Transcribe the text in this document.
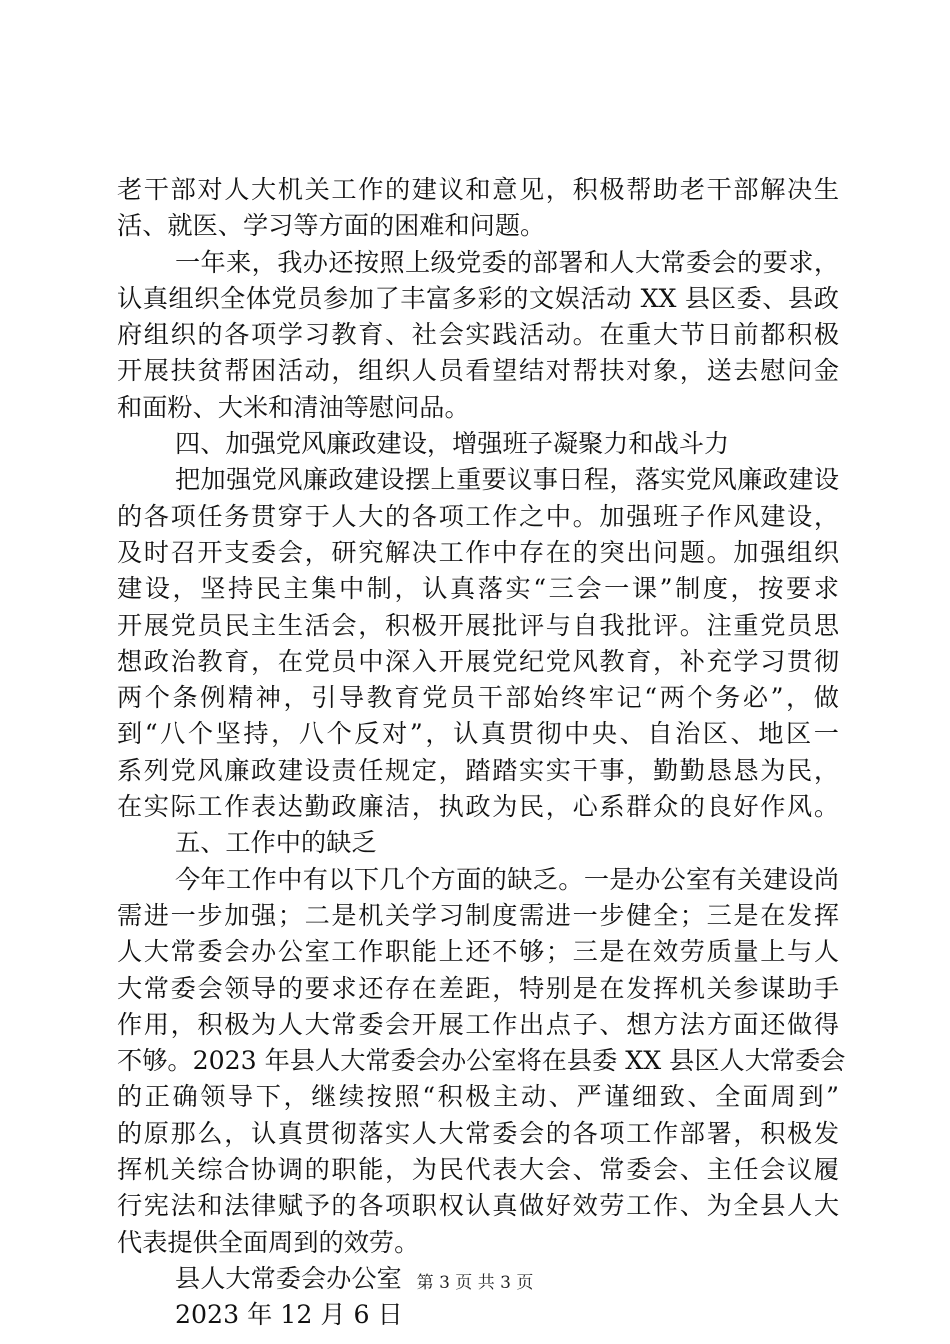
老干部对人大机关工作的建议和意见，积极帮助老干部解决生
活、就医、学习等方面的困难和问题。
一年来，我办还按照上级党委的部署和人大常委会的要求，
认真组织全体党员参加了丰富多彩的文娱活动 XX 县区委、县政
府组织的各项学习教育、社会实践活动。在重大节日前都积极
开展扶贫帮困活动，组织人员看望结对帮扶对象，送去慰问金
和面粉、大米和清油等慰问品。
四、加强党风廉政建设，增强班子凝聚力和战斗力
把加强党风廉政建设摆上重要议事日程，落实党风廉政建设
的各项任务贯穿于人大的各项工作之中。加强班子作风建设，
及时召开支委会，研究解决工作中存在的突出问题。加强组织
建设，坚持民主集中制，认真落实“三会一课”制度，按要求
开展党员民主生活会，积极开展批评与自我批评。注重党员思
想政治教育，在党员中深入开展党纪党风教育，补充学习贯彻
两个条例精神，引导教育党员干部始终牢记“两个务必”，做
到“八个坚持，八个反对”，认真贯彻中央、自治区、地区一
系列党风廉政建设责任规定，踏踏实实干事，勤勤恳恳为民，
在实际工作表达勤政廉洁，执政为民，心系群众的良好作风。
五、工作中的缺乏
今年工作中有以下几个方面的缺乏。一是办公室有关建设尚
需进一步加强；二是机关学习制度需进一步健全；三是在发挥
人大常委会办公室工作职能上还不够；三是在效劳质量上与人
大常委会领导的要求还存在差距，特别是在发挥机关参谋助手
作用，积极为人大常委会开展工作出点子、想方法方面还做得
不够。2023 年县人大常委会办公室将在县委 XX 县区人大常委会
的正确领导下，继续按照“积极主动、严谨细致、全面周到”
的原那么，认真贯彻落实人大常委会的各项工作部署，积极发
挥机关综合协调的职能，为民代表大会、常委会、主任会议履
行宪法和法律赋予的各项职权认真做好效劳工作、为全县人大
代表提供全面周到的效劳。
县人大常委会办公室
2023 年 12 月 6 日
第 3 页 共 3 页
